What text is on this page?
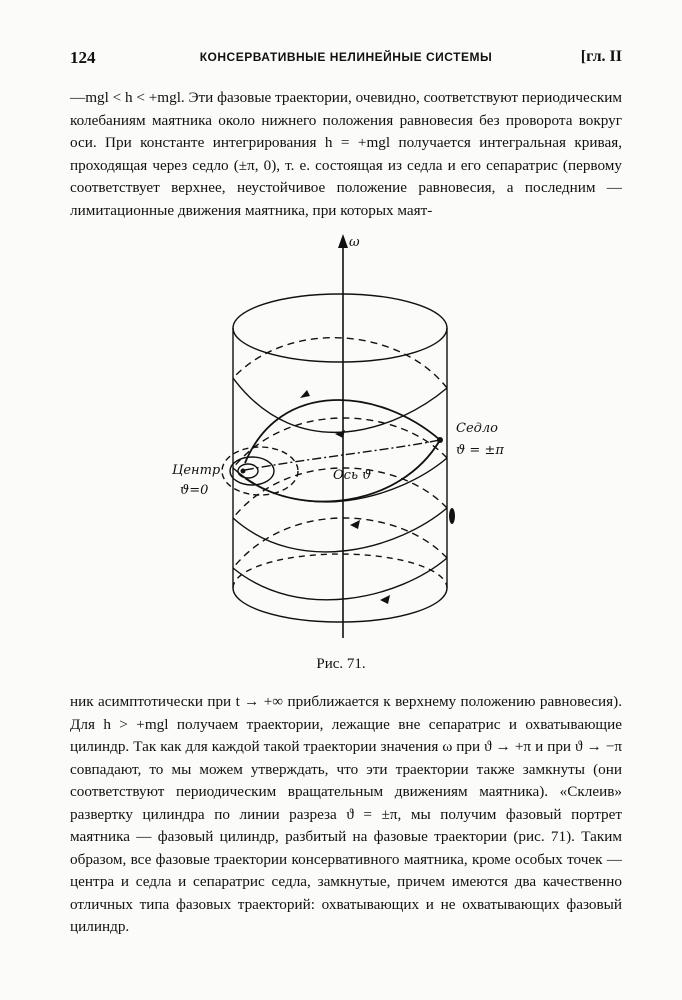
124	КОНСЕРВАТИВНЫЕ НЕЛИНЕЙНЫЕ СИСТЕМЫ	[гл. II

—mgl < h < +mgl. Эти фазовые траектории, очевидно, соответствуют периодическим колебаниям маятника около нижнего положения равновесия без проворота вокруг оси. При константе интегрирования h = +mgl получается интегральная кривая, проходящая через седло (±π, 0), т. е. состоящая из седла и его сепаратрис (первому соответствует верхнее, неустойчивое положение равновесия, а последним — лимитационные движения маятника, при которых маят-

ω
Седло
ϑ = ±π
Центр
ϑ=0
Ось ϑ
Рис. 71.

ник асимптотически при t → +∞ приближается к верхнему положению равновесия). Для h > +mgl получаем траектории, лежащие вне сепаратрис и охватывающие цилиндр. Так как для каждой такой траектории значения ω при ϑ → +π и при ϑ → −π совпадают, то мы можем утверждать, что эти траектории также замкнуты (они соответствуют периодическим вращательным движениям маятника). «Склеив» развертку цилиндра по линии разреза ϑ = ±π, мы получим фазовый портрет маятника — фазовый цилиндр, разбитый на фазовые траектории (рис. 71). Таким образом, все фазовые траектории консервативного маятника, кроме особых точек — центра и седла и сепаратрис седла, замкнутые, причем имеются два качественно отличных типа фазовых траекторий: охватывающих и не охватывающих фазовый цилиндр.
